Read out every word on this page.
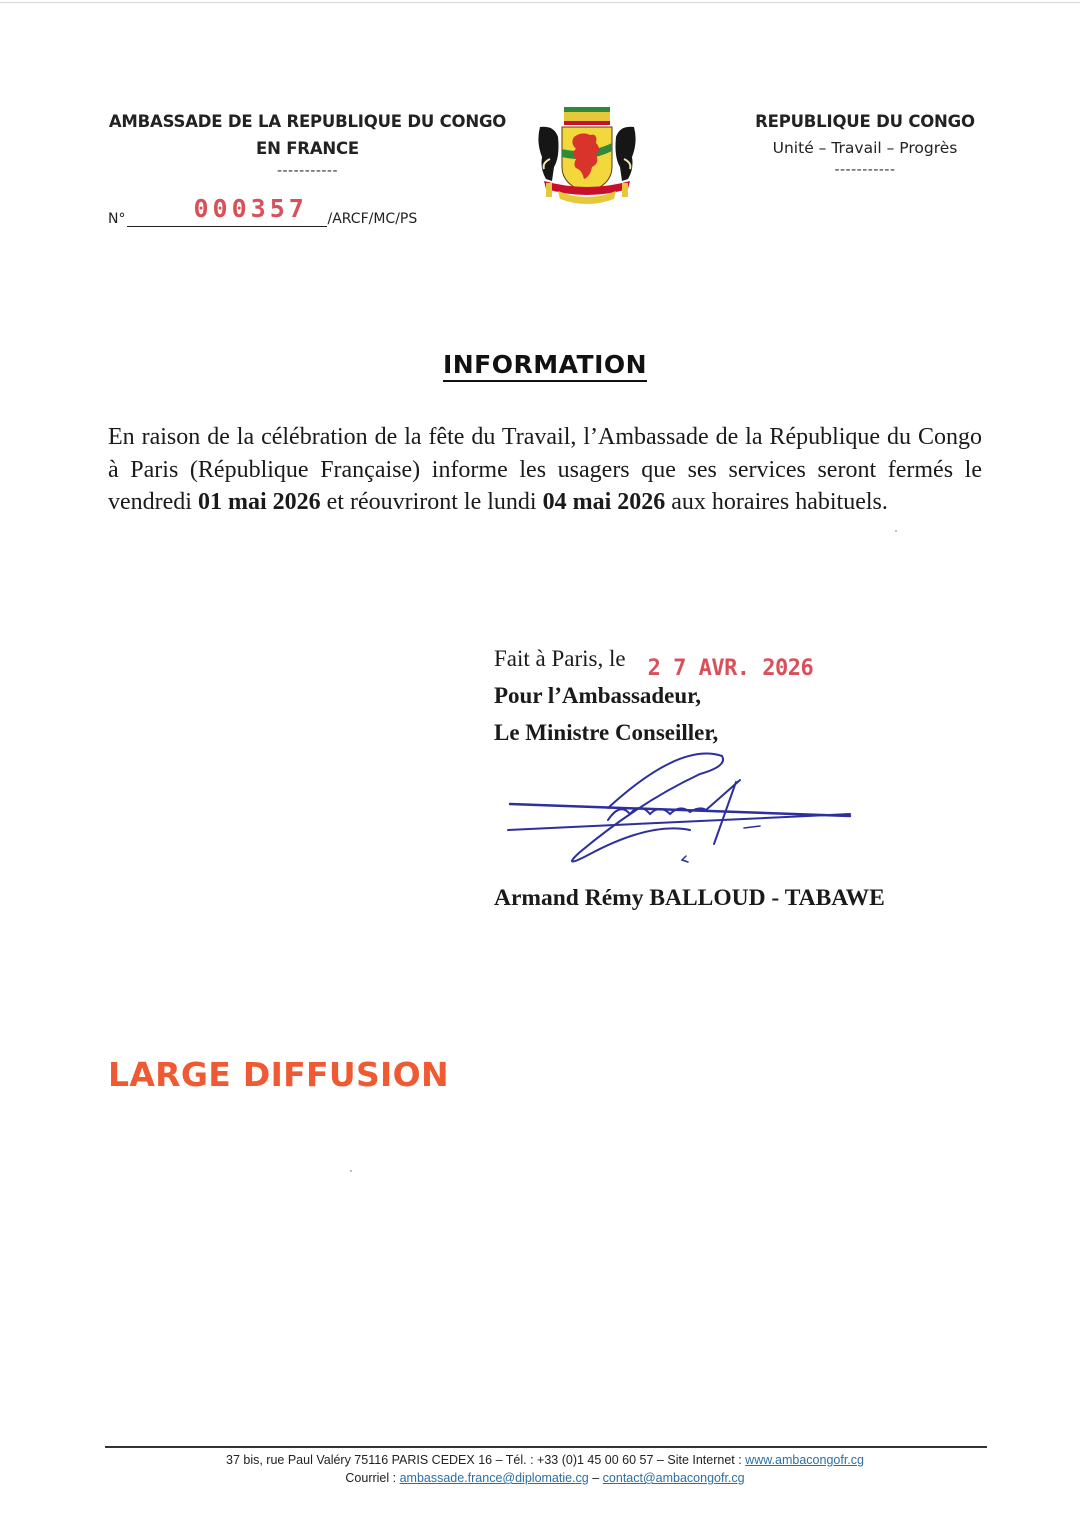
AMBASSADE DE LA REPUBLIQUE DU CONGO
EN FRANCE
-----------
REPUBLIQUE DU CONGO
Unité – Travail – Progrès
-----------
N°	000357 /ARCF/MC/PS
INFORMATION
En raison de la célébration de la fête du Travail, l’Ambassade de la République du Congo à Paris (République Française) informe les usagers que ses services seront fermés le vendredi 01 mai 2026 et réouvriront le lundi 04 mai 2026 aux horaires habituels.
Fait à Paris, le 2 7 AVR. 2026
Pour l’Ambassadeur,
Le Ministre Conseiller,
Armand Rémy BALLOUD - TABAWE
LARGE DIFFUSION
37 bis, rue Paul Valéry 75116 PARIS CEDEX 16 – Tél. : +33 (0)1 45 00 60 57 – Site Internet : www.ambacongofr.cg
Courriel : ambassade.france@diplomatie.cg – contact@ambacongofr.cg
